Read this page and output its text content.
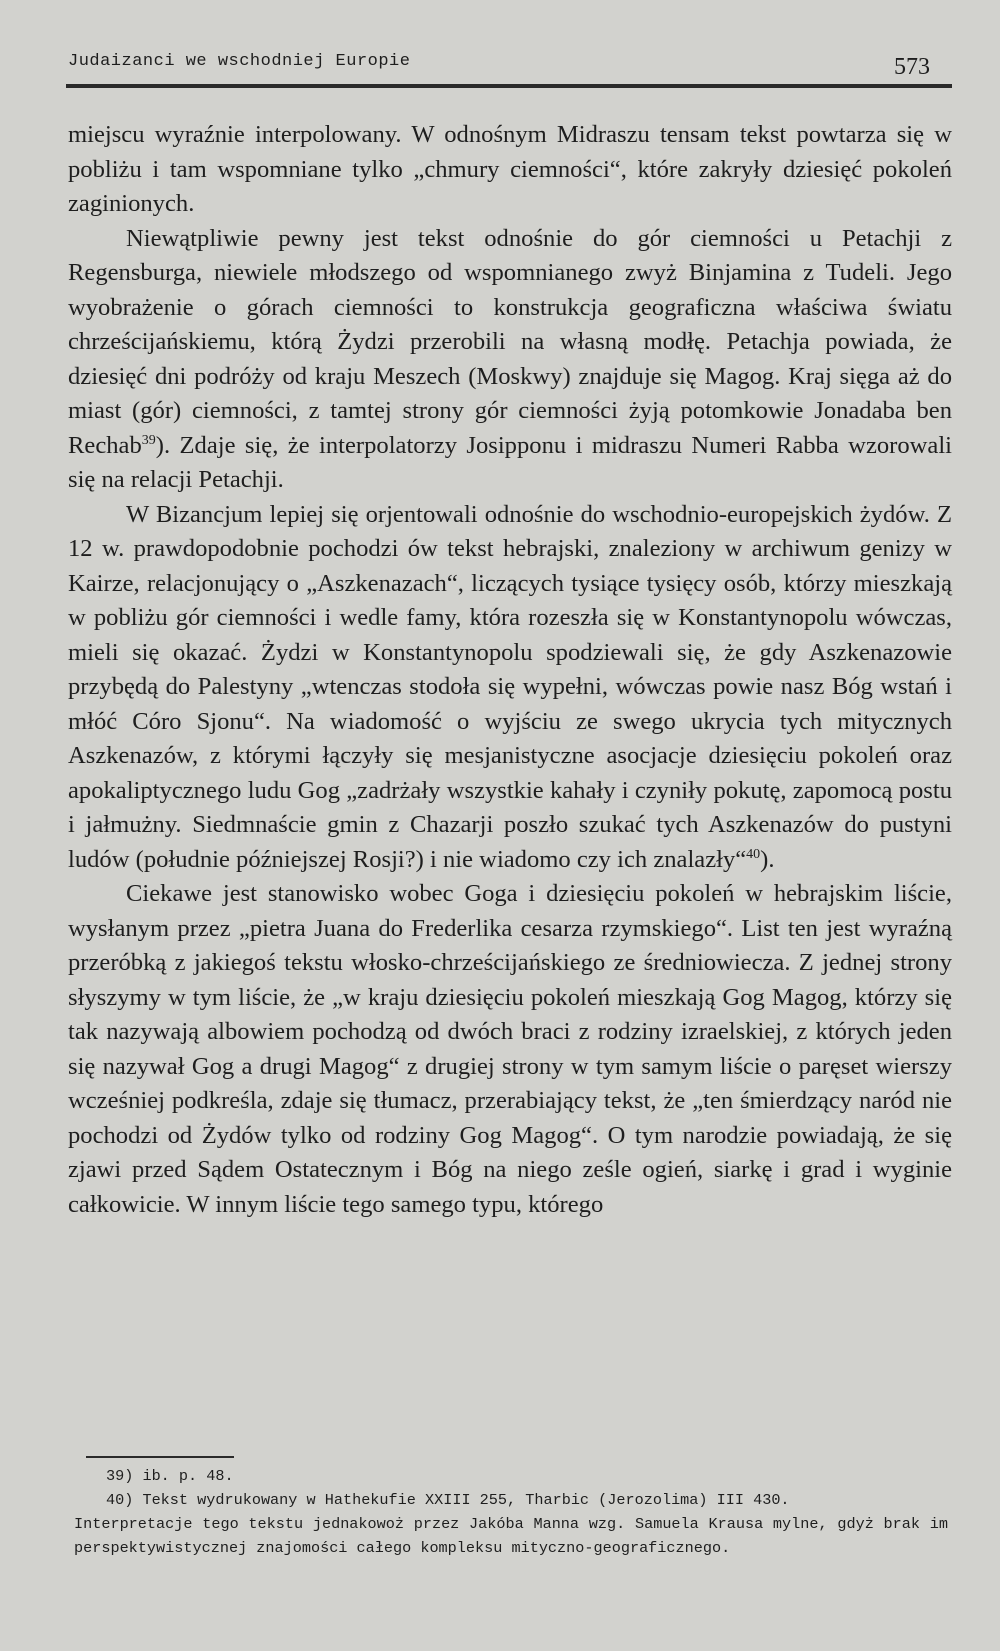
Judaizanci we wschodniej Europie	573

miejscu wyraźnie interpolowany. W odnośnym Midraszu tensam tekst powtarza się w pobliżu i tam wspomniane tylko „chmury ciemności“, które zakryły dziesięć pokoleń zaginionych.

Niewątpliwie pewny jest tekst odnośnie do gór ciemności u Petachji z Regensburga, niewiele młodszego od wspomnianego zwyż Binjamina z Tudeli. Jego wyobrażenie o górach ciemności to konstrukcja geograficzna właściwa światu chrześcijańskiemu, którą Żydzi przerobili na własną modłę. Petachja powiada, że dziesięć dni podróży od kraju Meszech (Moskwy) znajduje się Magog. Kraj sięga aż do miast (gór) ciemności, z tamtej strony gór ciemności żyją potomkowie Jonadaba ben Rechab$^{39}$). Zdaje się, że interpolatorzy Josipponu i midraszu Numeri Rabba wzorowali się na relacji Petachji.

W Bizancjum lepiej się orjentowali odnośnie do wschodnio-europejskich żydów. Z 12 w. prawdopodobnie pochodzi ów tekst hebrajski, znaleziony w archiwum genizy w Kairze, relacjonujący o „Aszkenazach“, liczących tysiące tysięcy osób, którzy mieszkają w pobliżu gór ciemności i wedle famy, która rozeszła się w Konstantynopolu wówczas, mieli się okazać. Żydzi w Konstantynopolu spodziewali się, że gdy Aszkenazowie przybędą do Palestyny „wtenczas stodoła się wypełni, wówczas powie nasz Bóg wstań i młóć Córo Sjonu“. Na wiadomość o wyjściu ze swego ukrycia tych mitycznych Aszkenazów, z którymi łączyły się mesjanistyczne asocjacje dziesięciu pokoleń oraz apokaliptycznego ludu Gog „zadrżały wszystkie kahały i czyniły pokutę, zapomocą postu i jałmużny. Siedmnaście gmin z Chazarji poszło szukać tych Aszkenazów do pustyni ludów (południe późniejszej Rosji?) i nie wiadomo czy ich znalazły“$^{40}$).

Ciekawe jest stanowisko wobec Goga i dziesięciu pokoleń w hebrajskim liście, wysłanym przez „pietra Juana do Frederlika cesarza rzymskiego“. List ten jest wyraźną przeróbką z jakiegoś tekstu włosko-chrześcijańskiego ze średniowiecza. Z jednej strony słyszymy w tym liście, że „w kraju dziesięciu pokoleń mieszkają Gog Magog, którzy się tak nazywają albowiem pochodzą od dwóch braci z rodziny izraelskiej, z których jeden się nazywał Gog a drugi Magog“ z drugiej strony w tym samym liście o paręset wierszy wcześniej podkreśla, zdaje się tłumacz, przerabiający tekst, że „ten śmierdzący naród nie pochodzi od Żydów tylko od rodziny Gog Magog“. O tym narodzie powiadają, że się zjawi przed Sądem Ostatecznym i Bóg na niego ześle ogień, siarkę i grad i wyginie całkowicie. W innym liście tego samego typu, którego

39) ib. p. 48.

40) Tekst wydrukowany w Hathekufie XXIII 255, Tharbic (Jerozolima) III 430.

Interpretacje tego tekstu jednakowoż przez Jakóba Manna wzg. Samuela Krausa mylne, gdyż brak im perspektywistycznej znajomości całego kompleksu mityczno-geograficznego.
